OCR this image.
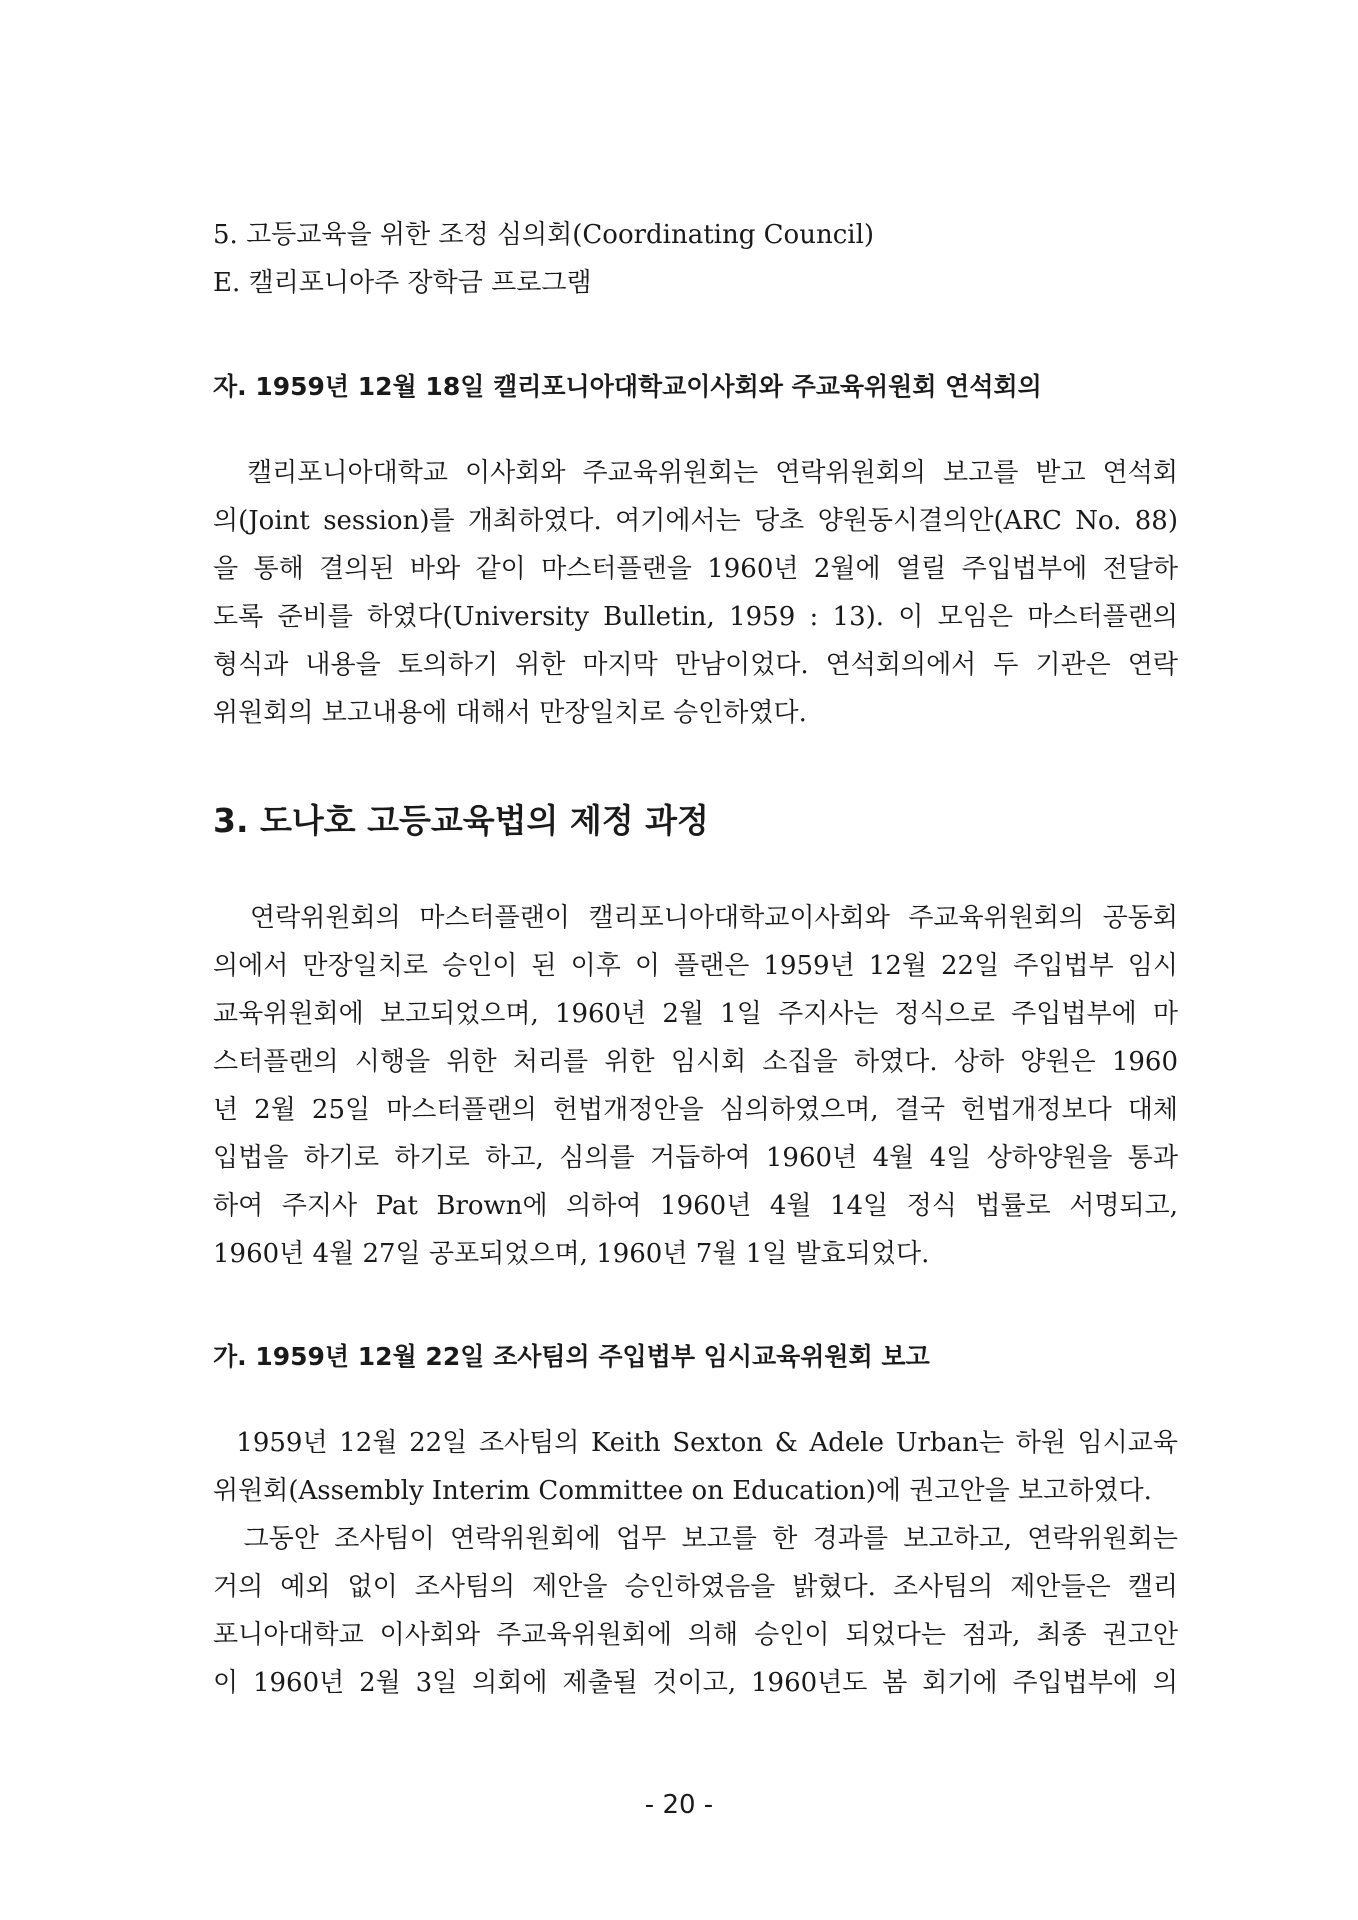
5. 고등교육을 위한 조정 심의회(Coordinating Council)
E. 캘리포니아주 장학금 프로그램
자. 1959년 12월 18일 캘리포니아대학교이사회와 주교육위원회 연석회의
캘리포니아대학교 이사회와 주교육위원회는 연락위원회의 보고를 받고 연석회
의(Joint session)를 개최하였다. 여기에서는 당초 양원동시결의안(ARC No. 88)
을 통해 결의된 바와 같이 마스터플랜을 1960년 2월에 열릴 주입법부에 전달하
도록 준비를 하였다(University Bulletin, 1959 : 13). 이 모임은 마스터플랜의
형식과 내용을 토의하기 위한 마지막 만남이었다. 연석회의에서 두 기관은 연락
위원회의 보고내용에 대해서 만장일치로 승인하였다.
3. 도나호 고등교육법의 제정 과정
연락위원회의 마스터플랜이 캘리포니아대학교이사회와 주교육위원회의 공동회
의에서 만장일치로 승인이 된 이후 이 플랜은 1959년 12월 22일 주입법부 임시
교육위원회에 보고되었으며, 1960년 2월 1일 주지사는 정식으로 주입법부에 마
스터플랜의 시행을 위한 처리를 위한 임시회 소집을 하였다. 상하 양원은 1960
년 2월 25일 마스터플랜의 헌법개정안을 심의하였으며, 결국 헌법개정보다 대체
입법을 하기로 하기로 하고, 심의를 거듭하여 1960년 4월 4일 상하양원을 통과
하여 주지사 Pat Brown에 의하여 1960년 4월 14일 정식 법률로 서명되고,
1960년 4월 27일 공포되었으며, 1960년 7월 1일 발효되었다.
가. 1959년 12월 22일 조사팀의 주입법부 임시교육위원회 보고
1959년 12월 22일 조사팀의 Keith Sexton & Adele Urban는 하원 임시교육
위원회(Assembly Interim Committee on Education)에 권고안을 보고하였다.
그동안 조사팀이 연락위원회에 업무 보고를 한 경과를 보고하고, 연락위원회는
거의 예외 없이 조사팀의 제안을 승인하였음을 밝혔다. 조사팀의 제안들은 캘리
포니아대학교 이사회와 주교육위원회에 의해 승인이 되었다는 점과, 최종 권고안
이 1960년 2월 3일 의회에 제출될 것이고, 1960년도 봄 회기에 주입법부에 의
- 20 -
